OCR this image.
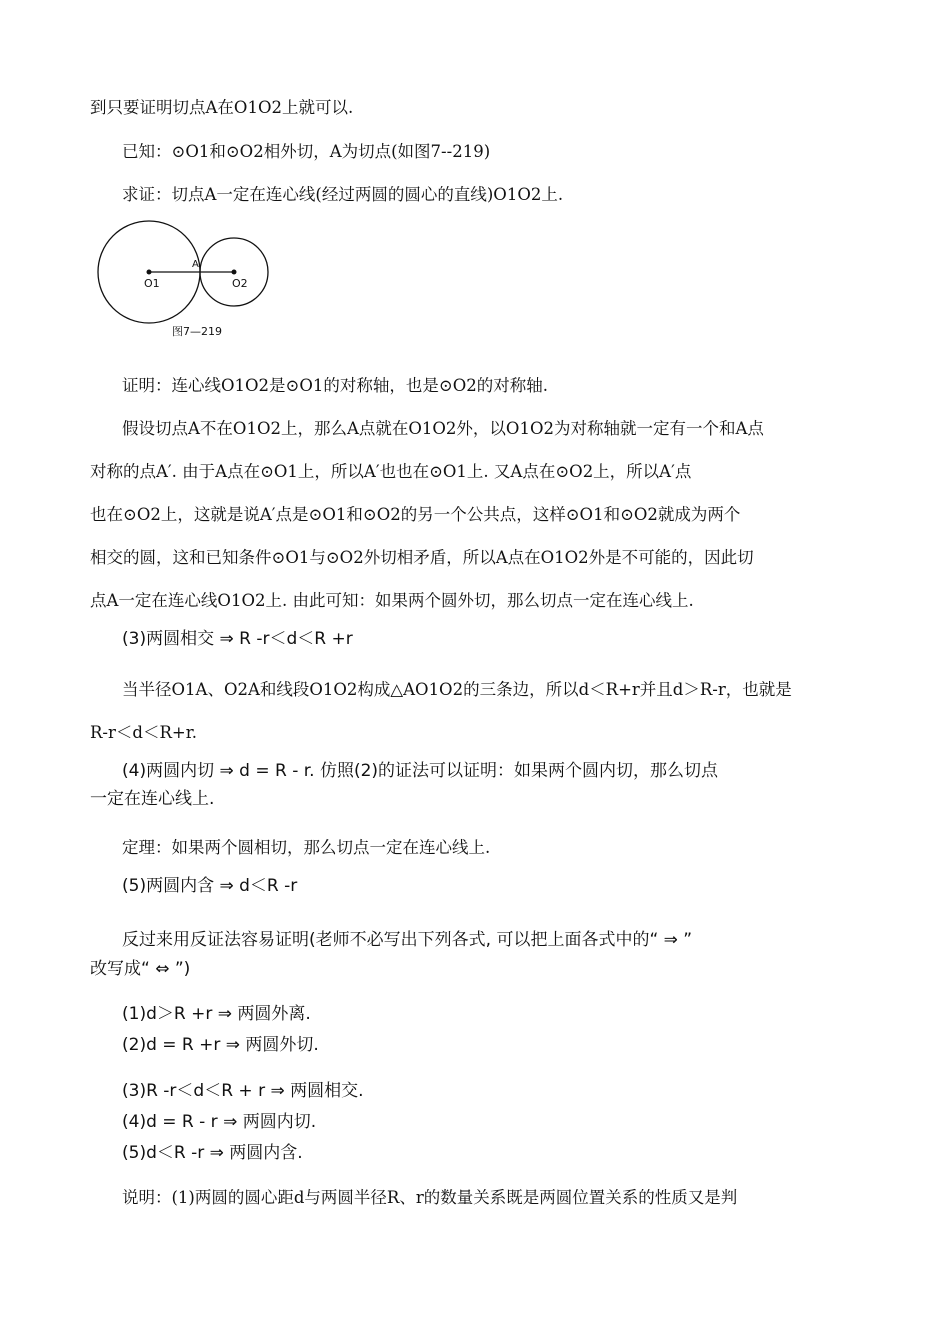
到只要证明切点A在O1O2上就可以.
已知：⊙O1和⊙O2相外切，A为切点(如图7--219)
求证：切点A一定在连心线(经过两圆的圆心的直线)O1O2上.
A
O1	O2
图7—219
证明：连心线O1O2是⊙O1的对称轴，也是⊙O2的对称轴.
假设切点A不在O1O2上，那么A点就在O1O2外，以O1O2为对称轴就一定有一个和A点
对称的点A′. 由于A点在⊙O1上，所以A′也也在⊙O1上. 又A点在⊙O2上，所以A′点
也在⊙O2上，这就是说A′点是⊙O1和⊙O2的另一个公共点，这样⊙O1和⊙O2就成为两个
相交的圆，这和已知条件⊙O1与⊙O2外切相矛盾，所以A点在O1O2外是不可能的，因此切
点A一定在连心线O1O2上. 由此可知：如果两个圆外切，那么切点一定在连心线上.
(3)两圆相交 ⇒ R -r＜d＜R +r
当半径O1A、O2A和线段O1O2构成△AO1O2的三条边，所以d＜R+r并且d＞R-r，也就是
R-r＜d＜R+r.
(4)两圆内切 ⇒ d = R - r. 仿照(2)的证法可以证明：如果两个圆内切，那么切点
一定在连心线上.
定理：如果两个圆相切，那么切点一定在连心线上.
(5)两圆内含 ⇒ d＜R -r
反过来用反证法容易证明(老师不必写出下列各式, 可以把上面各式中的“ ⇒ ”
改写成“ ⇔ ”)
(1)d＞R +r ⇒ 两圆外离.
(2)d = R +r ⇒ 两圆外切.
(3)R -r＜d＜R + r ⇒ 两圆相交.
(4)d = R - r ⇒ 两圆内切.
(5)d＜R -r ⇒ 两圆内含.
说明：(1)两圆的圆心距d与两圆半径R、r的数量关系既是两圆位置关系的性质又是判
